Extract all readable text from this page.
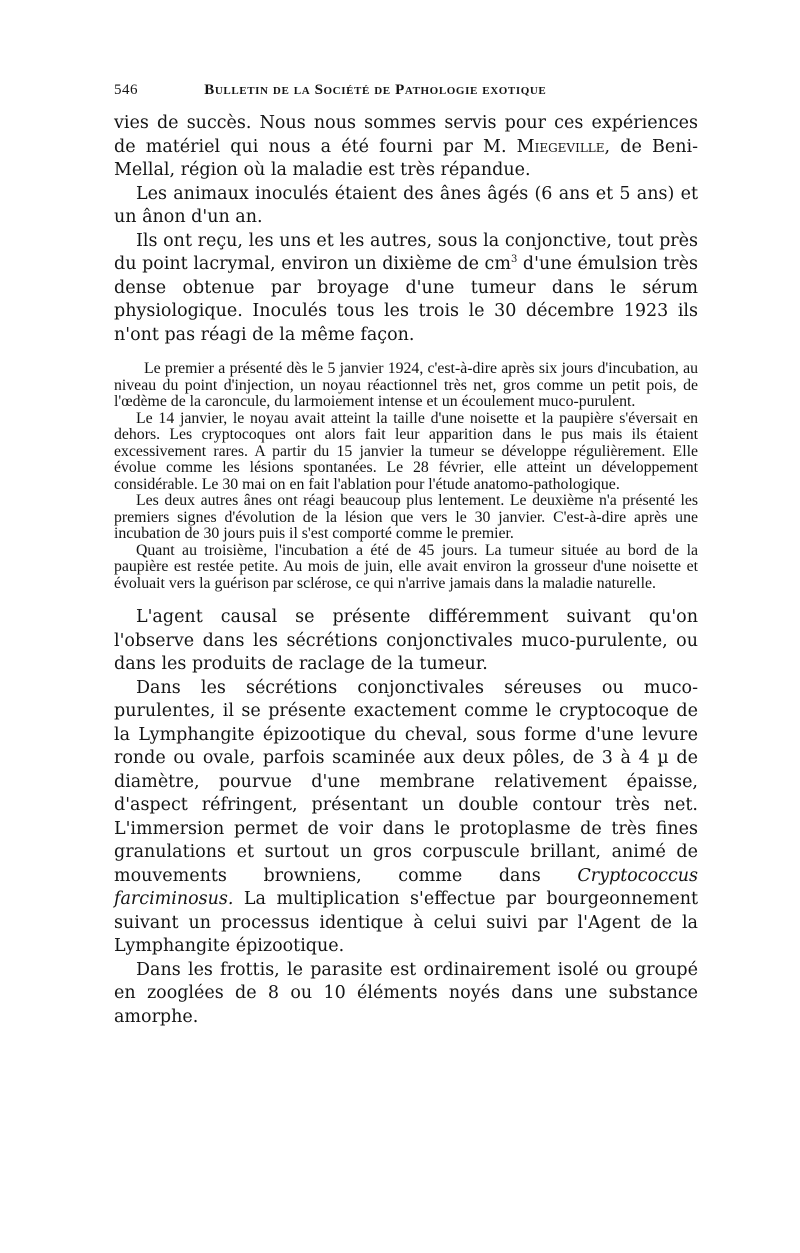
546	Bulletin de la Société de Pathologie exotique

vies de succès. Nous nous sommes servis pour ces expériences de matériel qui nous a été fourni par M. Miegeville, de Beni-Mellal, région où la maladie est très répandue.

Les animaux inoculés étaient des ânes âgés (6 ans et 5 ans) et un ânon d'un an.

Ils ont reçu, les uns et les autres, sous la conjonctive, tout près du point lacrymal, environ un dixième de $cm^3$ d'une émulsion très dense obtenue par broyage d'une tumeur dans le sérum physiologique. Inoculés tous les trois le 30 décembre 1923 ils n'ont pas réagi de la même façon.

Le premier a présenté dès le 5 janvier 1924, c'est-à-dire après six jours d'incubation, au niveau du point d'injection, un noyau réactionnel très net, gros comme un petit pois, de l'œdème de la caroncule, du larmoiement intense et un écoulement muco-purulent.

Le 14 janvier, le noyau avait atteint la taille d'une noisette et la paupière s'éversait en dehors. Les cryptocoques ont alors fait leur apparition dans le pus mais ils étaient excessivement rares. A partir du 15 janvier la tumeur se développe régulièrement. Elle évolue comme les lésions spontanées. Le 28 février, elle atteint un développement considérable. Le 30 mai on en fait l'ablation pour l'étude anatomo-pathologique.

Les deux autres ânes ont réagi beaucoup plus lentement. Le deuxième n'a présenté les premiers signes d'évolution de la lésion que vers le 30 janvier. C'est-à-dire après une incubation de 30 jours puis il s'est comporté comme le premier.

Quant au troisième, l'incubation a été de 45 jours. La tumeur située au bord de la paupière est restée petite. Au mois de juin, elle avait environ la grosseur d'une noisette et évoluait vers la guérison par sclérose, ce qui n'arrive jamais dans la maladie naturelle.

L'agent causal se présente différemment suivant qu'on l'observe dans les sécrétions conjonctivales muco-purulente, ou dans les produits de raclage de la tumeur.

Dans les sécrétions conjonctivales séreuses ou muco-purulentes, il se présente exactement comme le cryptocoque de la Lymphangite épizootique du cheval, sous forme d'une levure ronde ou ovale, parfois scaminée aux deux pôles, de 3 à 4 µ de diamètre, pourvue d'une membrane relativement épaisse, d'aspect réfringent, présentant un double contour très net. L'immersion permet de voir dans le protoplasme de très fines granulations et surtout un gros corpuscule brillant, animé de mouvements browniens, comme dans Cryptococcus farciminosus. La multiplication s'effectue par bourgeonnement suivant un processus identique à celui suivi par l'Agent de la Lymphangite épizootique.

Dans les frottis, le parasite est ordinairement isolé ou groupé en zooglées de 8 ou 10 éléments noyés dans une substance amorphe.
